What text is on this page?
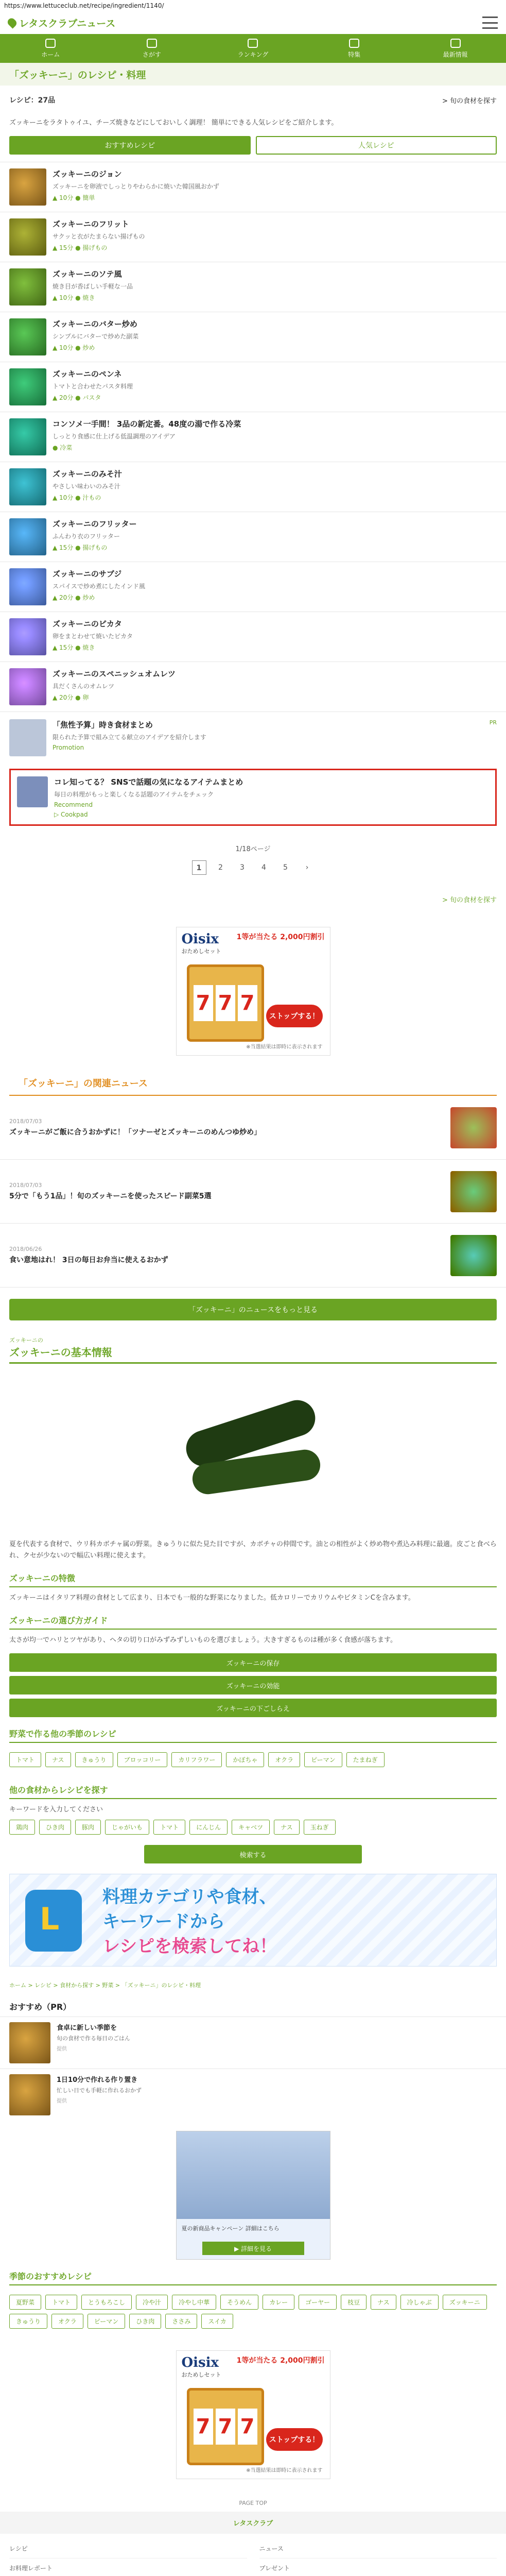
https://www.lettuceclub.net/recipe/ingredient/1140/
レタスクラブニュース
ホーム	さがす	ランキング	特集	最新情報
「ズッキーニ」のレシピ・料理
レシピ：27品	> 旬の食材を探す
ズッキーニをラタトゥイユ、チーズ焼きなどにしておいしく調理！ 簡単にできる人気レシピをご紹介します。
おすすめレシピ	人気レシピ
ズッキーニのジョン
ズッキーニを卵液でしっとりやわらかに焼いた韓国風おかず
▲ 10分 ● 簡単
ズッキーニのフリット
サクッと衣がたまらない揚げもの
▲ 15分 ● 揚げもの
ズッキーニのソテ風
焼き目が香ばしい手軽な一品
▲ 10分 ● 焼き
ズッキーニのバター炒め
シンプルにバターで炒めた副菜
▲ 10分 ● 炒め
ズッキーニのペンネ
トマトと合わせたパスタ料理
▲ 20分 ● パスタ
コンソメ一手間！ 3品の新定番。48度の湯で作る冷菜
しっとり食感に仕上げる低温調理のアイデア
● 冷菜
ズッキーニのみそ汁
やさしい味わいのみそ汁
▲ 10分 ● 汁もの
ズッキーニのフリッター
ふんわり衣のフリッター
▲ 15分 ● 揚げもの
ズッキーニのサブジ
スパイスで炒め煮にしたインド風
▲ 20分 ● 炒め
ズッキーニのピカタ
卵をまとわせて焼いたピカタ
▲ 15分 ● 焼き
ズッキーニのスペニッシュオムレツ
具だくさんのオムレツ
▲ 20分 ● 卵
「焦性予算」時き食材まとめ	PR
限られた予算で組み立てる献立のアイデアを紹介します
Promotion
コレ知ってる？ SNSで話題の気になるアイテムまとめ
毎日の料理がもっと楽しくなる話題のアイテムをチェック
Recommend
▷ Cookpad
1/18ページ
1	2	3	4	5	›
> 旬の食材を探す
Oisix
おためしセット
1等が当たる 2,000円割引
7 7 7
ストップする！
※当選結果は即時に表示されます
「ズッキーニ」の関連ニュース
2018/07/03
ズッキーニがご飯に合うおかずに！「ツナーゼとズッキーニのめんつゆ炒め」
2018/07/03
5分で「もう1品」！旬のズッキーニを使ったスピード副菜5選
2018/06/26
食い意地はれ！ 3日の毎日お弁当に使えるおかず
「ズッキーニ」のニュースをもっと見る
ズッキーニの
ズッキーニの基本情報
夏を代表する食材で、ウリ科カボチャ属の野菜。きゅうりに似た見た目ですが、カボチャの仲間です。油との相性がよく炒め物や煮込み料理に最適。皮ごと食べられ、クセが少ないので幅広い料理に使えます。
ズッキーニの特徴
ズッキーニはイタリア料理の食材として広まり、日本でも一般的な野菜になりました。低カロリーでカリウムやビタミンCを含みます。
ズッキーニの選び方ガイド
太さが均一でハリとツヤがあり、ヘタの切り口がみずみずしいものを選びましょう。大きすぎるものは種が多く食感が落ちます。
ズッキーニの保存
ズッキーニの効能
ズッキーニの下ごしらえ
野菜で作る他の季節のレシピ
トマト	ナス	きゅうり	ブロッコリー	カリフラワー	かぼちゃ	オクラ	ピーマン	たまねぎ
他の食材からレシピを探す
キーワードを入力してください
鶏肉	ひき肉	豚肉	じゃがいも	トマト	にんじん	キャベツ	ナス	玉ねぎ
検索する
L
料理カテゴリや食材、
キーワードから
レシピを検索してね！
ホーム > レシピ > 食材から探す > 野菜 > 「ズッキーニ」のレシピ・料理
おすすめ（PR）
食卓に新しい季節を
旬の食材で作る毎日のごはん
提供
1日10分で作れる作り置き
忙しい日でも手軽に作れるおかず
提供
夏の新商品キャンペーン 詳細はこちら
▶ 詳細を見る
季節のおすすめレシピ
夏野菜	トマト	とうもろこし	冷や汁	冷やし中華	そうめん	カレー	ゴーヤー	枝豆	ナス	冷しゃぶ	ズッキーニ
きゅうり	オクラ	ピーマン	ひき肉	ささみ	スイカ
Oisix
おためしセット
1等が当たる 2,000円割引
7 7 7
ストップする！
※当選結果は即時に表示されます
PAGE TOP
レタスクラブ
レシピ	ニュース
お料理レポート	プレゼント
